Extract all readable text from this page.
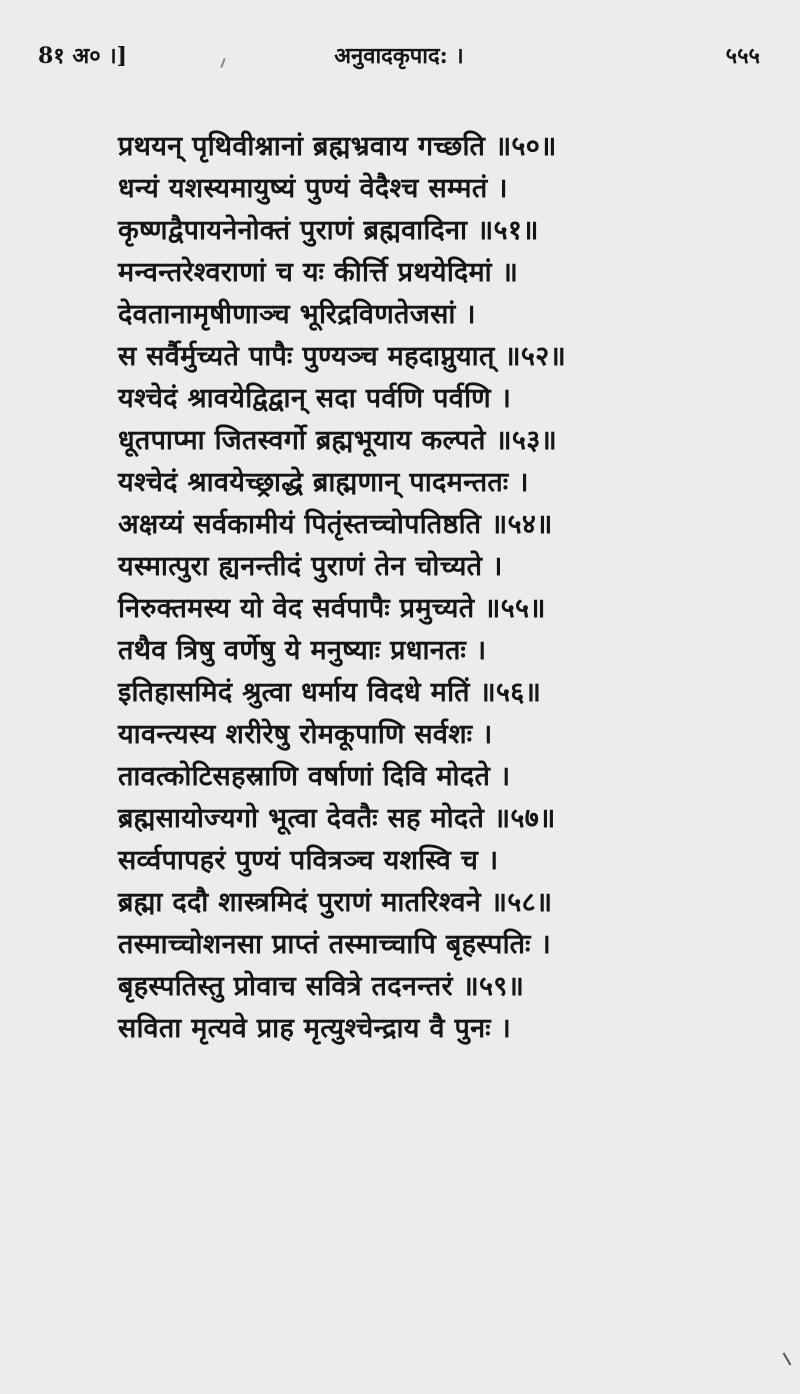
8१ अ० ।]	अनुवादकृपाद: ।	५५५
प्रथयन् पृथिवीश्नानां ब्रह्मभ्रवाय गच्छति ॥५०॥
धन्यं यशस्यमायुष्यं पुण्यं वेदैश्च सम्मतं ।
कृष्णद्वैपायनेनोक्तं पुराणं ब्रह्मवादिना ॥५१॥
मन्वन्तरेश्वराणां च यः कीर्त्ति प्रथयेदिमां ॥
देवतानामृषीणाञ्च भूरिद्रविणतेजसां ।
स सर्वैर्मुच्यते पापैः पुण्यञ्च महदाप्नुयात् ॥५२॥
यश्चेदं श्रावयेद्विद्वान् सदा पर्वणि पर्वणि ।
धूतपाप्मा जितस्वर्गो ब्रह्मभूयाय कल्पते ॥५३॥
यश्चेदं श्रावयेच्छ्राद्धे ब्राह्मणान् पादमन्ततः ।
अक्षय्यं सर्वकामीयं पितृंस्तच्चोपतिष्ठति ॥५४॥
यस्मात्पुरा ह्यनन्तीदं पुराणं तेन चोच्यते ।
निरुक्तमस्य यो वेद सर्वपापैः प्रमुच्यते ॥५५॥
तथैव त्रिषु वर्णेषु ये मनुष्याः प्रधानतः ।
इतिहासमिदं श्रुत्वा धर्माय विदधे मतिं ॥५६॥
यावन्त्यस्य शरीरेषु रोमकूपाणि सर्वशः ।
तावत्कोटिसहस्राणि वर्षाणां दिवि मोदते ।
ब्रह्मसायोज्यगो भूत्वा देवतैः सह मोदते ॥५७॥
सर्व्वपापहरं पुण्यं पवित्रञ्च यशस्वि च ।
ब्रह्मा ददौ शास्त्रमिदं पुराणं मातरिश्वने ॥५८॥
तस्माच्चोशनसा प्राप्तं तस्माच्चापि बृहस्पतिः ।
बृहस्पतिस्तु प्रोवाच सवित्रे तदनन्तरं ॥५९॥
सविता मृत्यवे प्राह मृत्युश्चेन्द्राय वै पुनः ।
